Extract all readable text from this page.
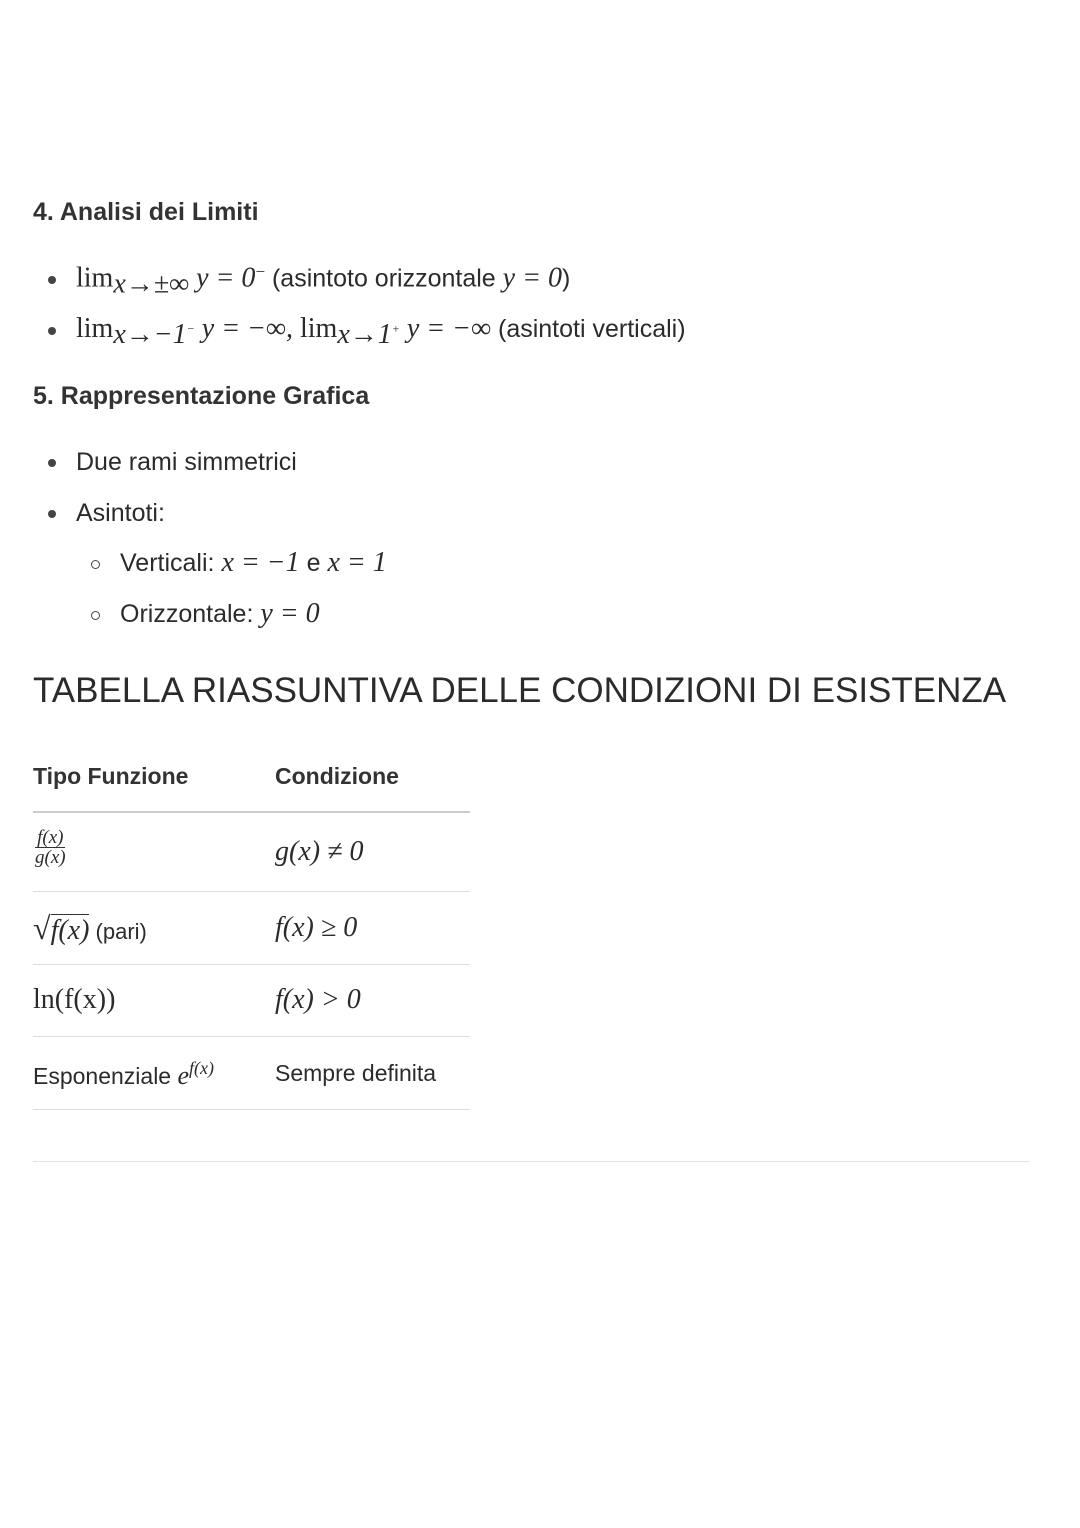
4. Analisi dei Limiti
$\lim_{x\to\pm\infty} y = 0^-$ (asintoto orizzontale y = 0)
$\lim_{x\to-1^-} y$ = −∞, $\lim_{x\to 1^+} y$ = −∞ (asintoti verticali)
5. Rappresentazione Grafica
Due rami simmetrici
Asintoti:
Verticali: x = −1 e x = 1
Orizzontale: y = 0
TABELLA RIASSUNTIVA DELLE CONDIZIONI DI ESISTENZA
Tipo Funzione	Condizione
$\frac{f(x)}{g(x)}$	g(x) ≠ 0
√f(x) (pari)	f(x) ≥ 0
ln(f(x))	f(x) > 0
Esponenziale $e^{f(x)}$	Sempre definita
